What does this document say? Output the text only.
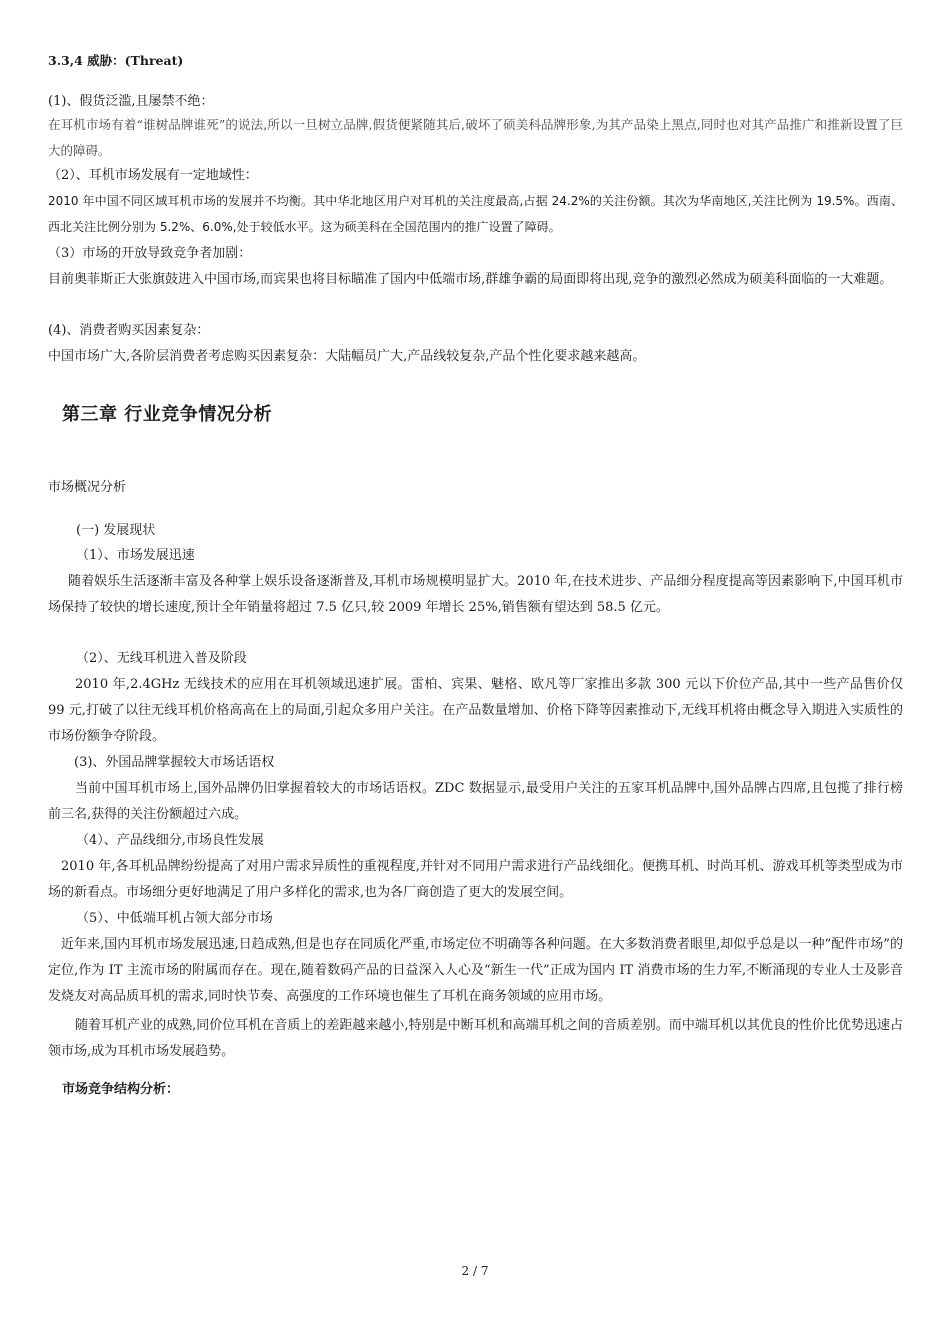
3.3,4 威胁：(Threat)

(1)、假货泛滥,且屡禁不绝：

在耳机市场有着“谁树品牌谁死”的说法,所以一旦树立品牌,假货便紧随其后,破坏了硕美科品牌形象,为其产品染上黑点,同时也对其产品推广和推新设置了巨大的障碍。

（2）、耳机市场发展有一定地域性：

2010 年中国不同区域耳机市场的发展并不均衡。其中华北地区用户对耳机的关注度最高,占据 24.2%的关注份额。其次为华南地区,关注比例为 19.5%。西南、西北关注比例分别为 5.2%、6.0%,处于较低水平。这为硕美科在全国范围内的推广设置了障碍。

（3）市场的开放导致竞争者加剧：

目前奥菲斯正大张旗鼓进入中国市场,而宾果也将目标瞄准了国内中低端市场,群雄争霸的局面即将出现,竞争的激烈必然成为硕美科面临的一大难题。

(4)、消费者购买因素复杂：

中国市场广大,各阶层消费者考虑购买因素复杂：大陆幅员广大,产品线较复杂,产品个性化要求越来越高。

第三章 行业竞争情况分析

市场概况分析

(一) 发展现状

（1）、市场发展迅速

随着娱乐生活逐渐丰富及各种掌上娱乐设备逐渐普及,耳机市场规模明显扩大。2010 年,在技术进步、产品细分程度提高等因素影响下,中国耳机市场保持了较快的增长速度,预计全年销量将超过 7.5 亿只,较 2009 年增长 25%,销售额有望达到 58.5 亿元。

（2）、无线耳机进入普及阶段

2010 年,2.4GHz 无线技术的应用在耳机领域迅速扩展。雷柏、宾果、魅格、欧凡等厂家推出多款 300 元以下价位产品,其中一些产品售价仅 99 元,打破了以往无线耳机价格高高在上的局面,引起众多用户关注。在产品数量增加、价格下降等因素推动下,无线耳机将由概念导入期进入实质性的市场份额争夺阶段。

(3)、外国品牌掌握较大市场话语权

当前中国耳机市场上,国外品牌仍旧掌握着较大的市场话语权。ZDC 数据显示,最受用户关注的五家耳机品牌中,国外品牌占四席,且包揽了排行榜前三名,获得的关注份额超过六成。

（4）、产品线细分,市场良性发展

2010 年,各耳机品牌纷纷提高了对用户需求异质性的重视程度,并针对不同用户需求进行产品线细化。便携耳机、时尚耳机、游戏耳机等类型成为市场的新看点。市场细分更好地满足了用户多样化的需求,也为各厂商创造了更大的发展空间。

（5）、中低端耳机占领大部分市场

近年来,国内耳机市场发展迅速,日趋成熟,但是也存在同质化严重,市场定位不明确等各种问题。在大多数消费者眼里,却似乎总是以一种“配件市场”的定位,作为 IT 主流市场的附属而存在。现在,随着数码产品的日益深入人心及“新生一代”正成为国内 IT 消费市场的生力军,不断涌现的专业人士及影音发烧友对高品质耳机的需求,同时快节奏、高强度的工作环境也催生了耳机在商务领域的应用市场。

随着耳机产业的成熟,同价位耳机在音质上的差距越来越小,特别是中断耳机和高端耳机之间的音质差别。而中端耳机以其优良的性价比优势迅速占领市场,成为耳机市场发展趋势。

市场竞争结构分析：

2 / 7
